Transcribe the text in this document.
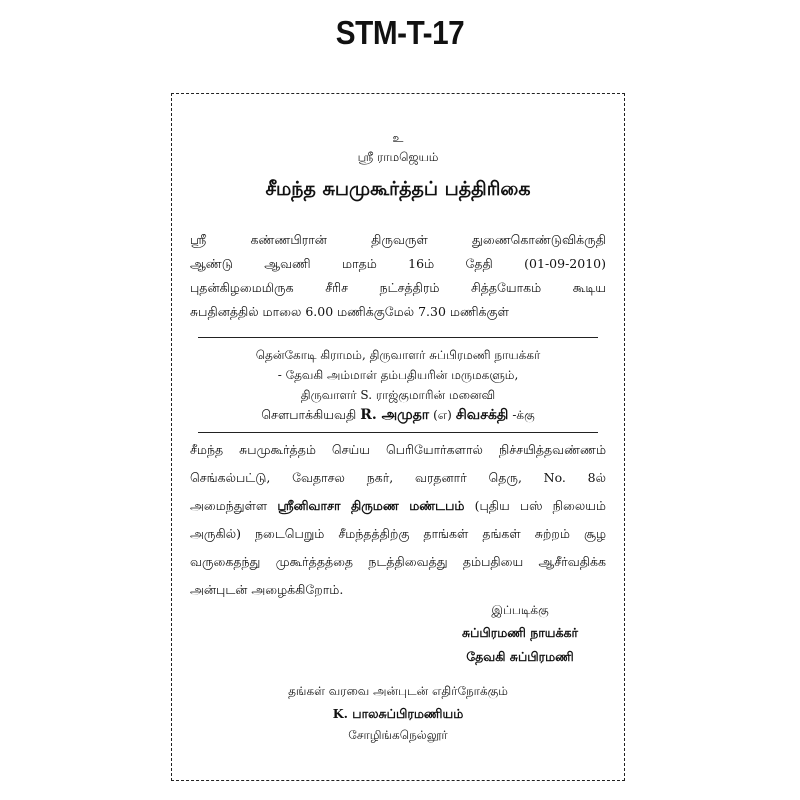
STM-T-17
உ
ஸ்ரீ ராமஜெயம்
சீமந்த சுபமுகூர்த்தப் பத்திரிகை
ஸ்ரீ கண்ணபிரான் திருவருள் துணைகொண்டுவிக்ருதி
ஆண்டு ஆவணி மாதம் 16ம் தேதி (01-09-2010)
புதன்கிழமைமிருக சீரிச நட்சத்திரம் சித்தயோகம் கூடிய
சுபதினத்தில் மாலை 6.00 மணிக்குமேல் 7.30 மணிக்குள்
தென்கோடி கிராமம், திருவாளர் சுப்பிரமணி நாயக்கர்
- தேவகி அம்மாள் தம்பதியரின் மருமகளும்,
திருவாளர் S. ராஜ்குமாரின் மனைவி
சௌபாக்கியவதி R. அமுதா (எ) சிவசக்தி -க்கு
சீமந்த சுபமுகூர்த்தம் செய்ய பெரியோர்களால் நிச்சயித்தவண்ணம்
செங்கல்பட்டு, வேதாசல நகர், வரதனார் தெரு, No. 8ல்
அமைந்துள்ள ஸ்ரீனிவாசா திருமண மண்டபம் (புதிய பஸ் நிலையம்
அருகில்) நடைபெறும் சீமந்தத்திற்கு தாங்கள் தங்கள் சுற்றம் சூழ
வருகைதந்து முகூர்த்தத்தை நடத்திவைத்து தம்பதியை ஆசீர்வதிக்க
அன்புடன் அழைக்கிறோம்.
இப்படிக்கு
சுப்பிரமணி நாயக்கர்
தேவகி சுப்பிரமணி
தங்கள் வரவை அன்புடன் எதிர்நோக்கும்
K. பாலசுப்பிரமணியம்
சோழிங்கநெல்லூர்
